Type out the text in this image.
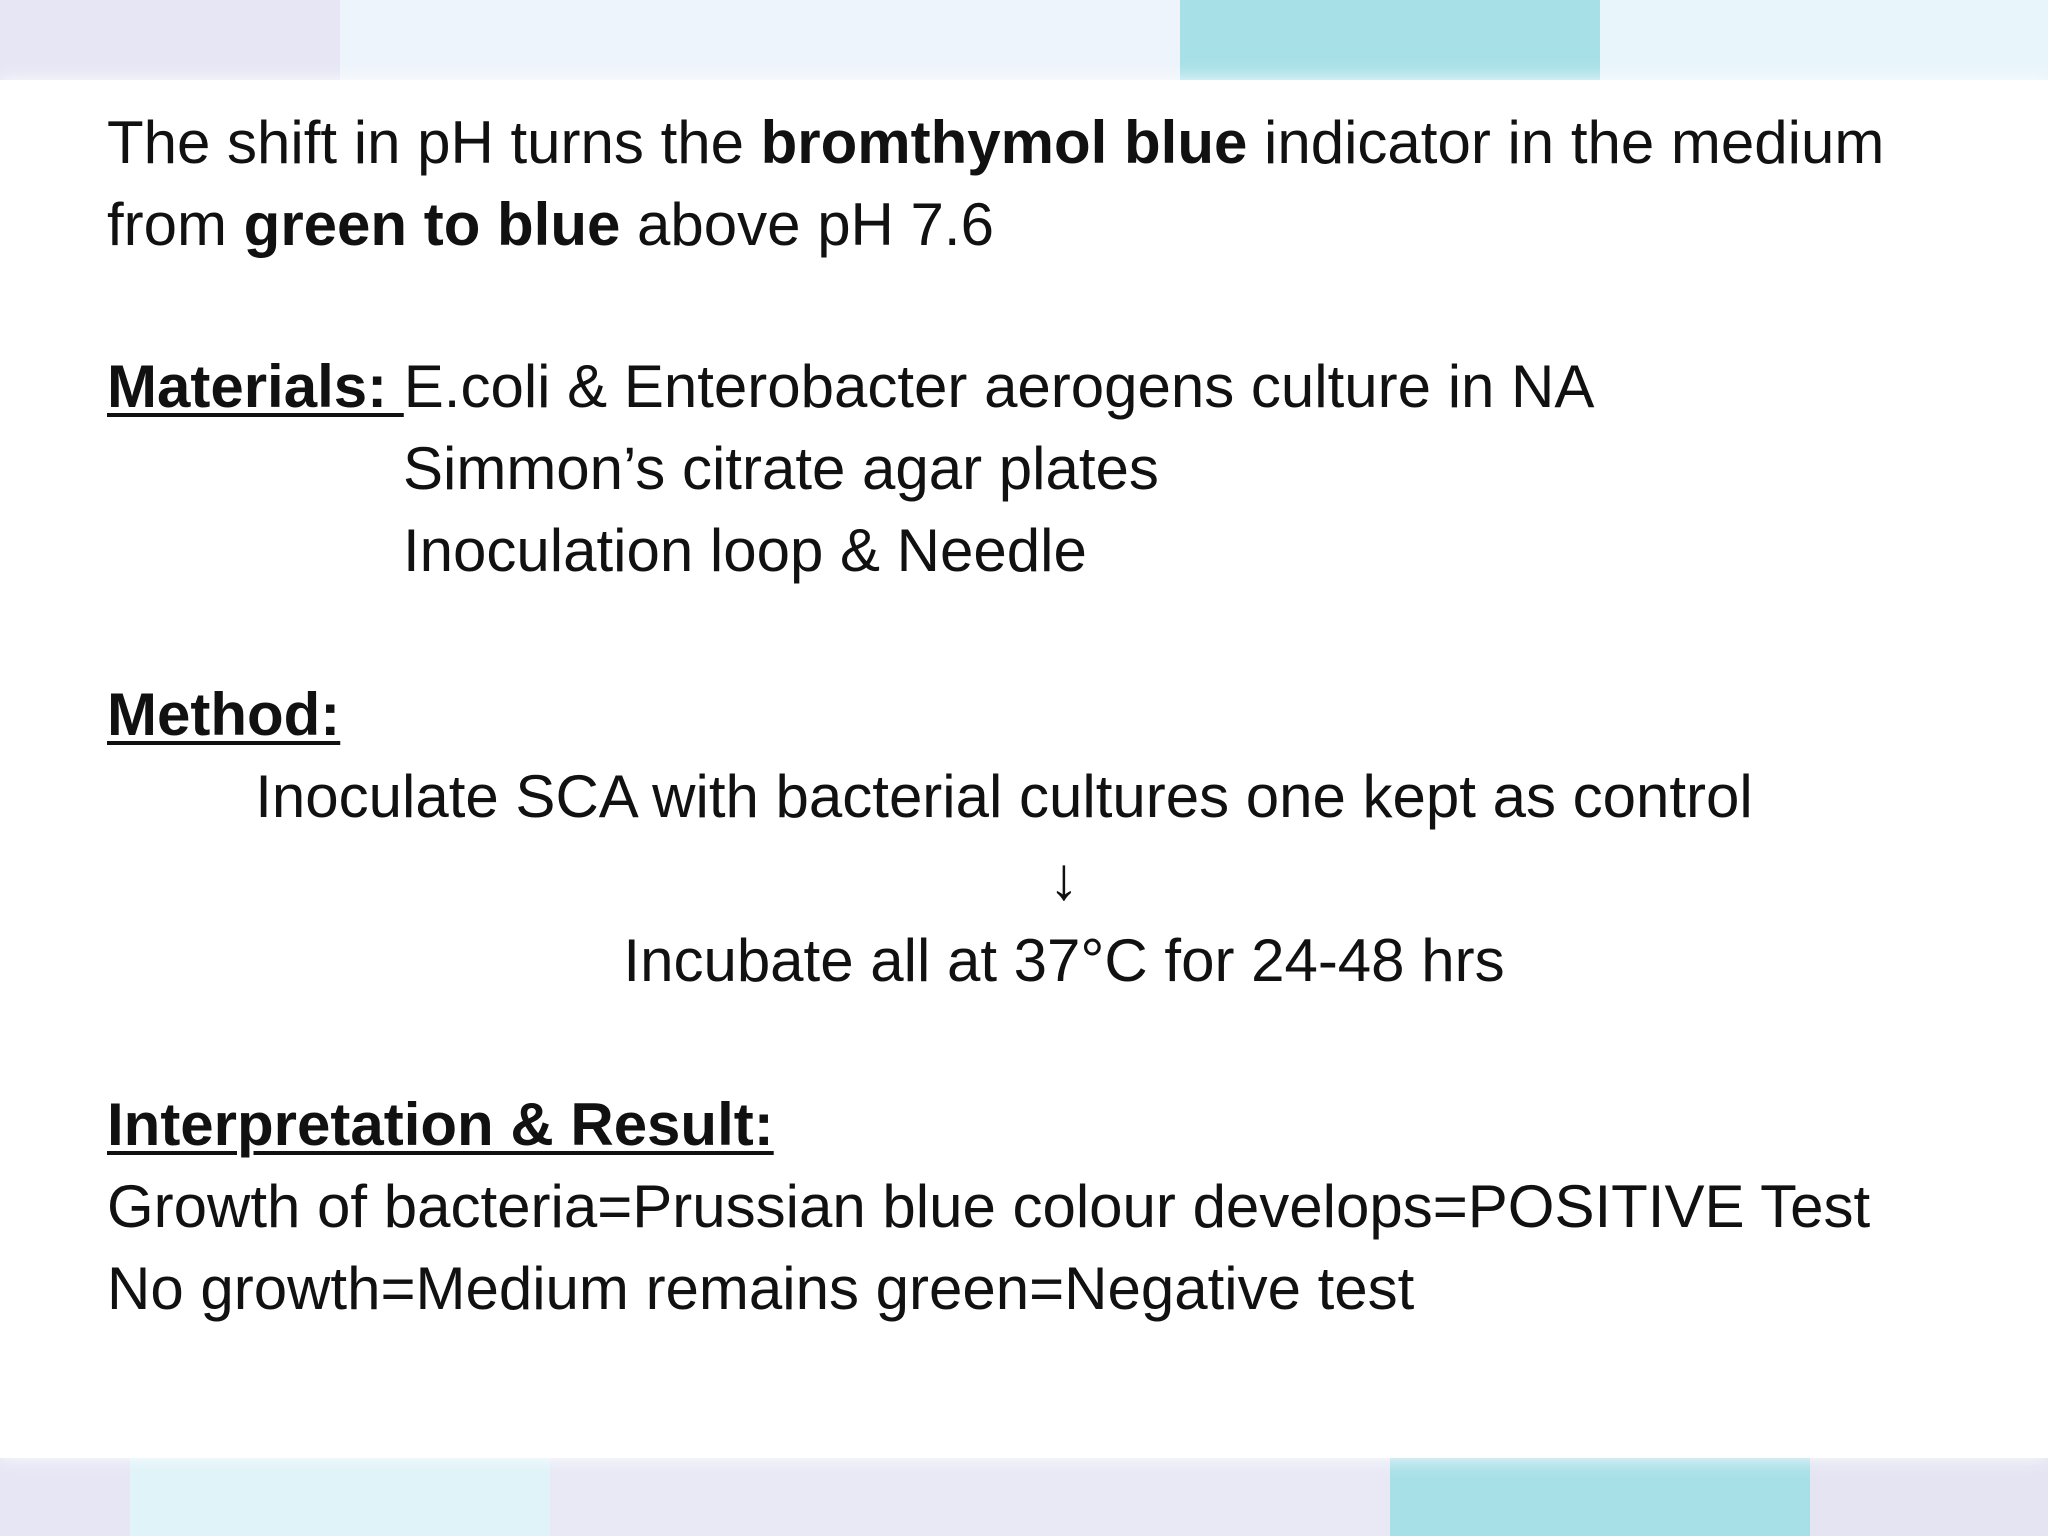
The shift in pH turns the bromthymol blue indicator in the medium
from green to blue above pH 7.6

Materials: E.coli & Enterobacter aerogens culture in NA
Simmon’s citrate agar plates
Inoculation loop & Needle

Method:

Inoculate SCA with bacterial cultures one kept as control
↓
Incubate all at 37°C for 24-48 hrs

Interpretation & Result:
Growth of bacteria=Prussian blue colour develops=POSITIVE Test
No growth=Medium remains green=Negative test
